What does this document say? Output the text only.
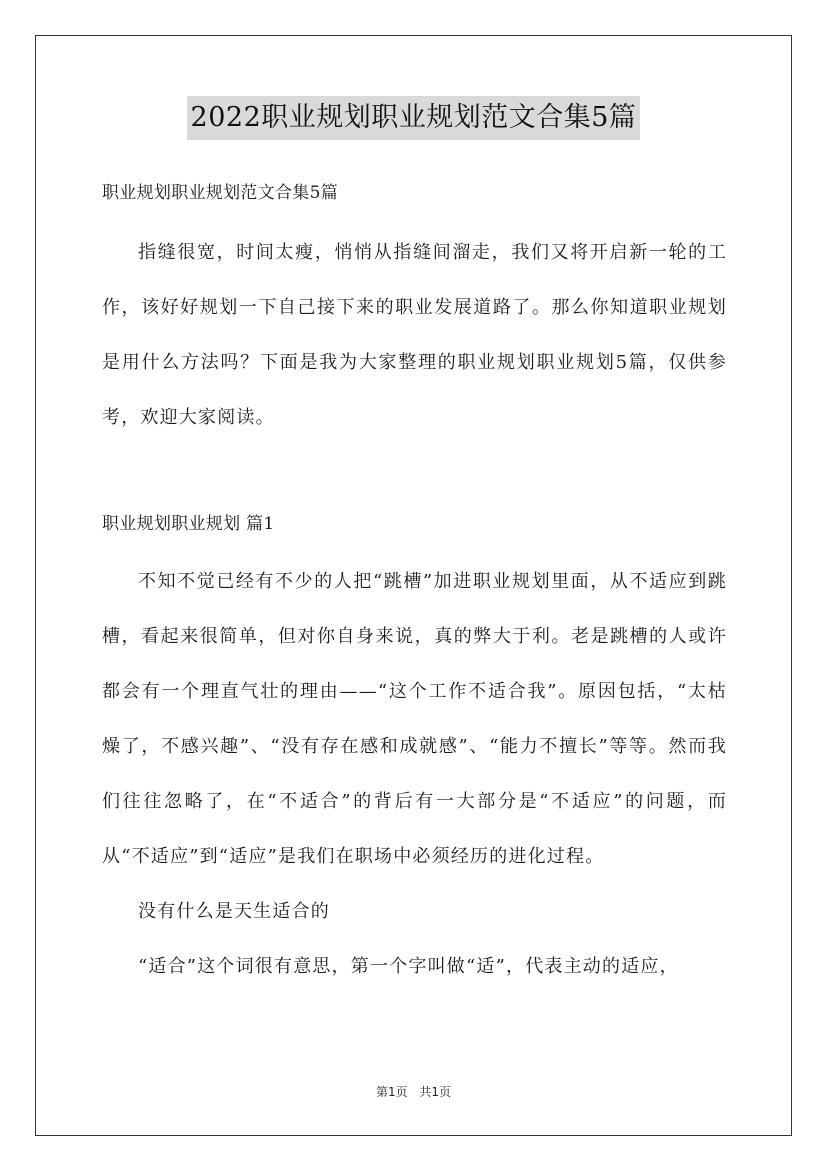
2022职业规划职业规划范文合集5篇

职业规划职业规划范文合集5篇

指缝很宽，时间太瘦，悄悄从指缝间溜走，我们又将开启新一轮的工作，该好好规划一下自己接下来的职业发展道路了。那么你知道职业规划是用什么方法吗？下面是我为大家整理的职业规划职业规划5篇，仅供参考，欢迎大家阅读。

职业规划职业规划 篇1

不知不觉已经有不少的人把“跳槽”加进职业规划里面，从不适应到跳槽，看起来很简单，但对你自身来说，真的弊大于利。老是跳槽的人或许都会有一个理直气壮的理由——“这个工作不适合我”。原因包括，“太枯燥了，不感兴趣”、“没有存在感和成就感”、“能力不擅长”等等。然而我们往往忽略了，在“不适合”的背后有一大部分是“不适应”的问题，而从“不适应”到“适应”是我们在职场中必须经历的进化过程。

没有什么是天生适合的

“适合”这个词很有意思，第一个字叫做“适”，代表主动的适应，

第1页 共1页
